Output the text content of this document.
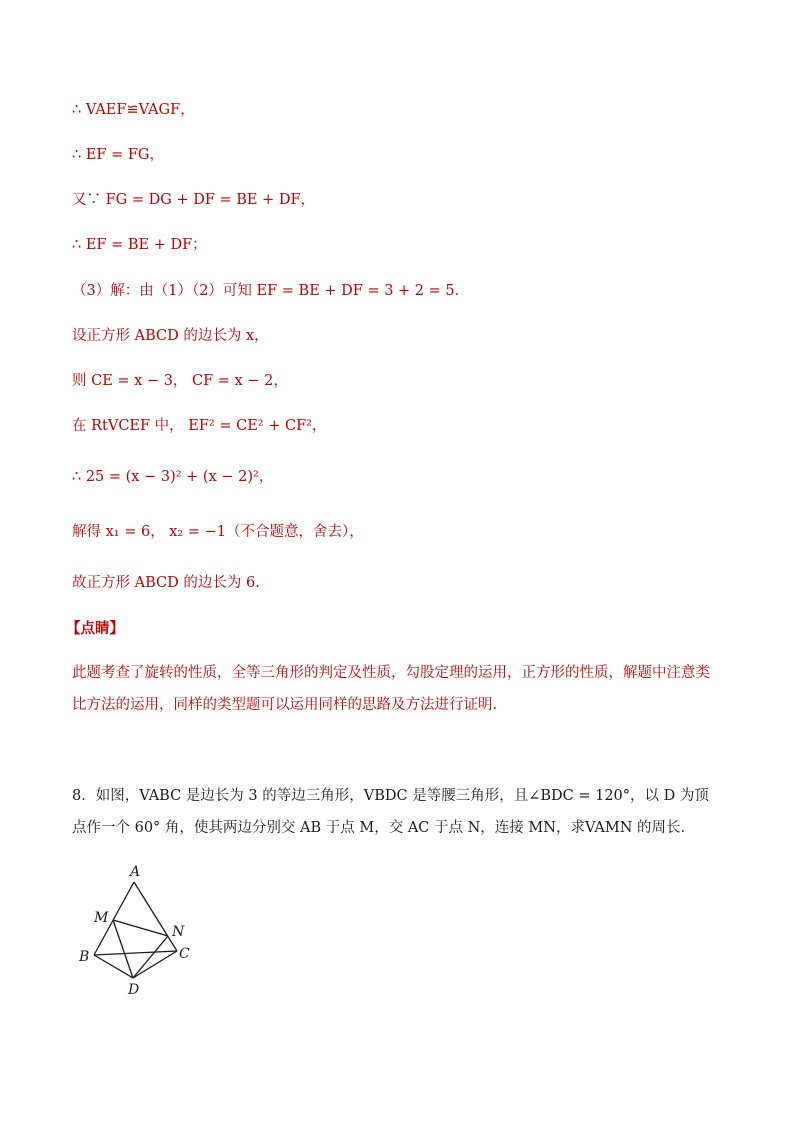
∴ VAEF≌VAGF，
∴ EF = FG，
又∵ FG = DG + DF = BE + DF，
∴ EF = BE + DF；
（3）解：由（1）（2）可知 EF = BE + DF = 3 + 2 = 5．
设正方形 ABCD 的边长为 x，
则 CE = x − 3， CF = x − 2，
在 RtVCEF 中， EF² = CE² + CF²，
∴ 25 = (x − 3)² + (x − 2)²，
解得 x₁ = 6， x₂ = −1（不合题意，舍去），
故正方形 ABCD 的边长为 6.
【点睛】
此题考查了旋转的性质，全等三角形的判定及性质，勾股定理的运用，正方形的性质，解题中注意类比方法的运用，同样的类型题可以运用同样的思路及方法进行证明.
8．如图，VABC 是边长为 3 的等边三角形，VBDC 是等腰三角形，且∠BDC = 120°，以 D 为顶点作一个 60° 角，使其两边分别交 AB 于点 M，交 AC 于点 N，连接 MN，求VAMN 的周长．
A
M
N
B	C
D
